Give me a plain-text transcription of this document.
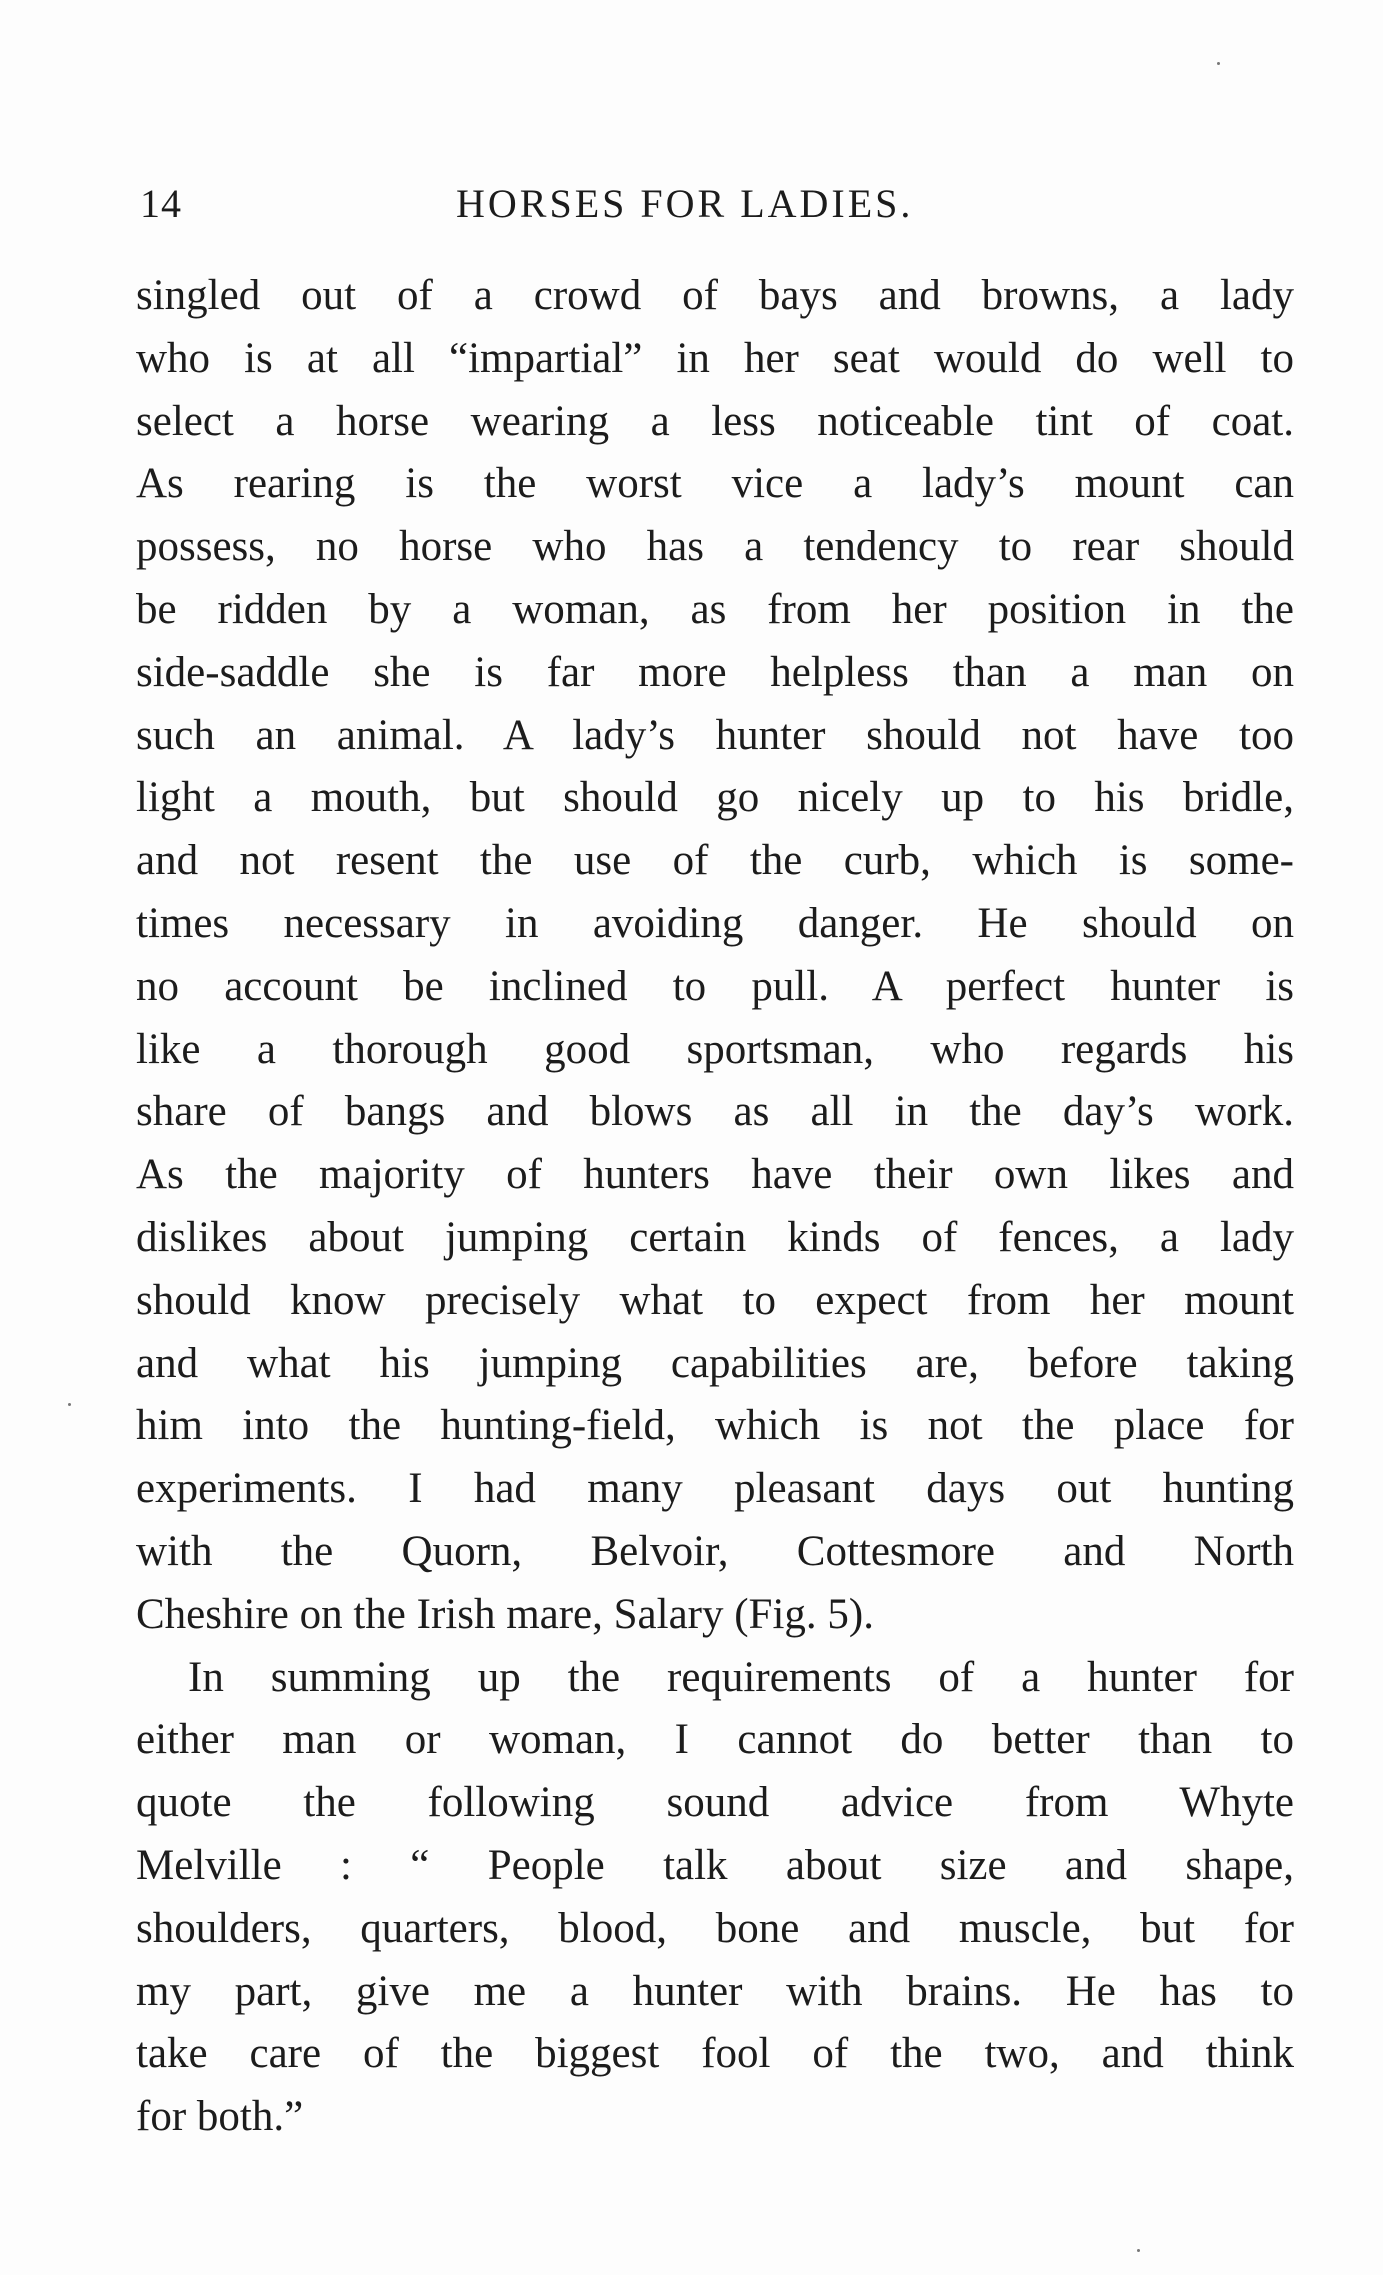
14	HORSES FOR LADIES.
singled out of a crowd of bays and browns, a lady
who is at all “impartial” in her seat would do well to
select a horse wearing a less noticeable tint of coat.
As rearing is the worst vice a lady’s mount can
possess, no horse who has a tendency to rear should
be ridden by a woman, as from her position in the
side-saddle she is far more helpless than a man on
such an animal. A lady’s hunter should not have too
light a mouth, but should go nicely up to his bridle,
and not resent the use of the curb, which is some-
times necessary in avoiding danger. He should on
no account be inclined to pull. A perfect hunter is
like a thorough good sportsman, who regards his
share of bangs and blows as all in the day’s work.
As the majority of hunters have their own likes and
dislikes about jumping certain kinds of fences, a lady
should know precisely what to expect from her mount
and what his jumping capabilities are, before taking
him into the hunting-field, which is not the place for
experiments. I had many pleasant days out hunting
with the Quorn, Belvoir, Cottesmore and North
Cheshire on the Irish mare, Salary (Fig. 5).
In summing up the requirements of a hunter for
either man or woman, I cannot do better than to
quote the following sound advice from Whyte
Melville : “ People talk about size and shape,
shoulders, quarters, blood, bone and muscle, but for
my part, give me a hunter with brains. He has to
take care of the biggest fool of the two, and think
for both.”
